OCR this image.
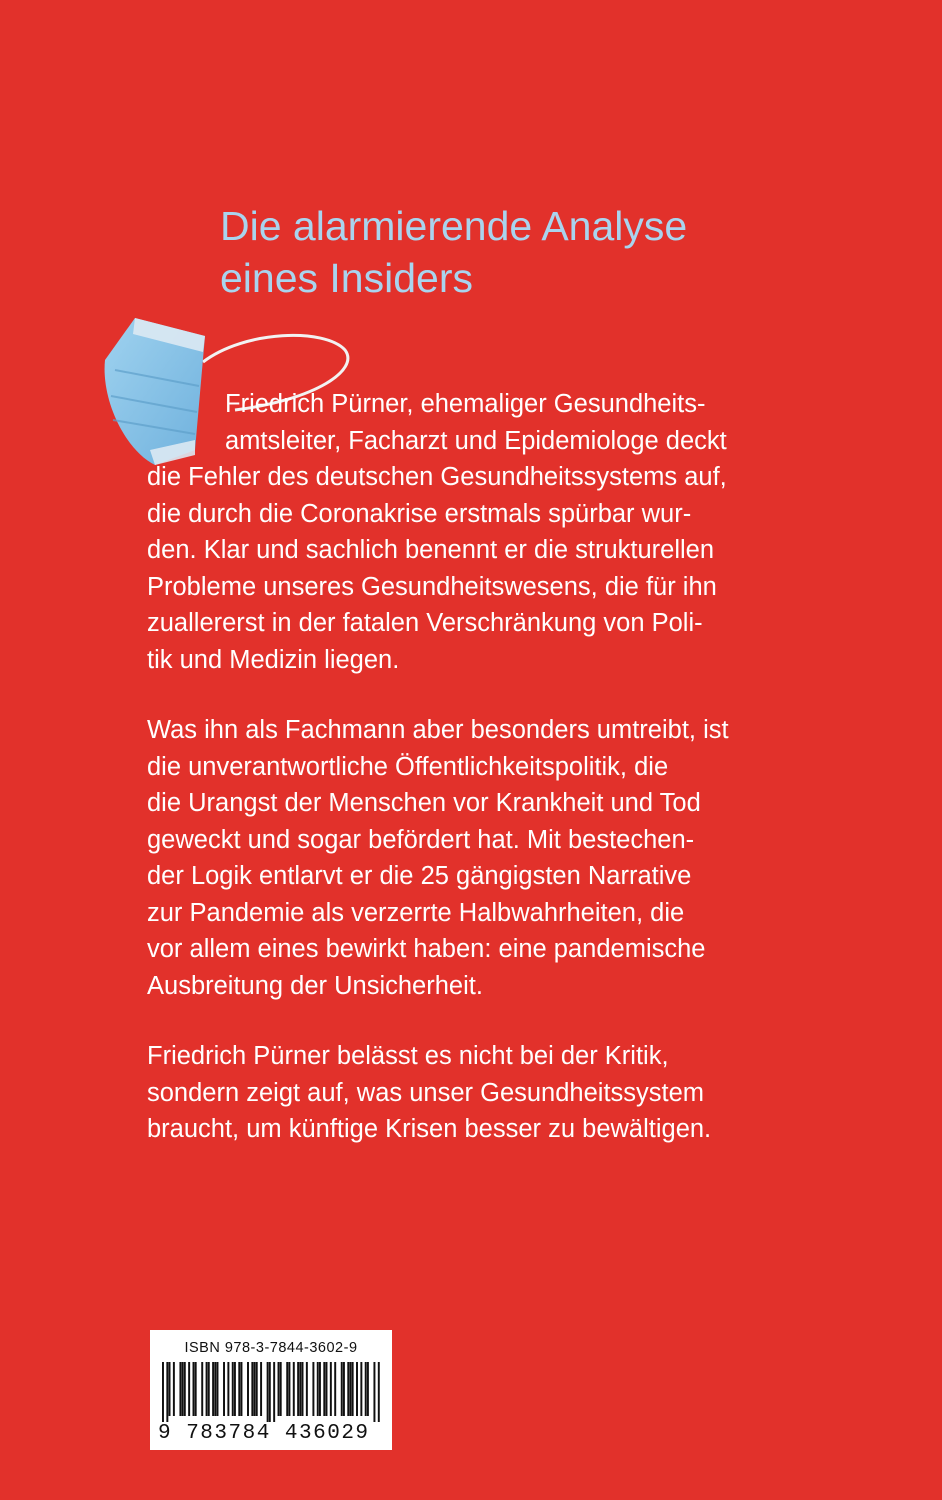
Die alarmierende Analyse
eines Insiders

Friedrich Pürner, ehemaliger Gesundheits-
amtsleiter, Facharzt und Epidemiologe deckt
die Fehler des deutschen Gesundheitssystems auf,
die durch die Coronakrise erstmals spürbar wur-
den. Klar und sachlich benennt er die strukturellen
Probleme unseres Gesundheitswesens, die für ihn
zuallererst in der fatalen Verschränkung von Poli-
tik und Medizin liegen.

Was ihn als Fachmann aber besonders umtreibt, ist
die unverantwortliche Öffentlichkeitspolitik, die
die Urangst der Menschen vor Krankheit und Tod
geweckt und sogar befördert hat. Mit bestechen-
der Logik entlarvt er die 25 gängigsten Narrative
zur Pandemie als verzerrte Halbwahrheiten, die
vor allem eines bewirkt haben: eine pandemische
Ausbreitung der Unsicherheit.

Friedrich Pürner belässt es nicht bei der Kritik,
sondern zeigt auf, was unser Gesundheitssystem
braucht, um künftige Krisen besser zu bewältigen.

ISBN 978-3-7844-3602-9
9 783784 436029
